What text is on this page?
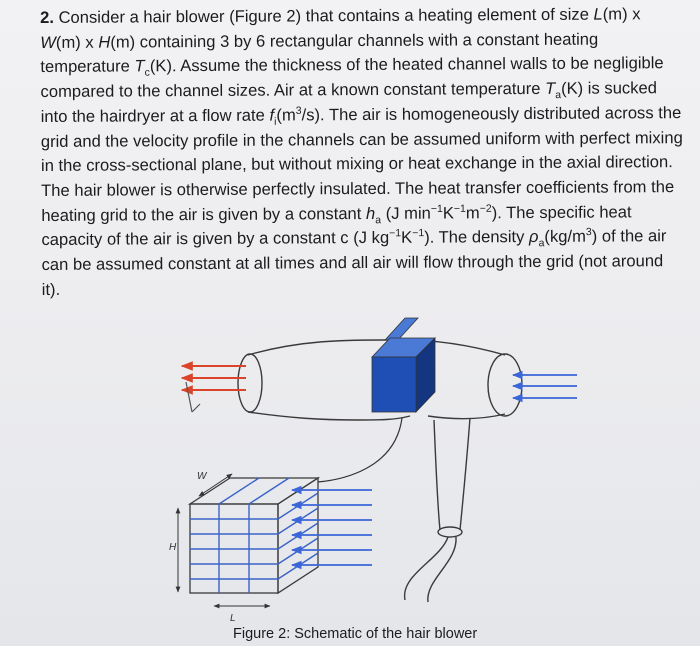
2. Consider a hair blower (Figure 2) that contains a heating element of size L(m) x W(m) x H(m) containing 3 by 6 rectangular channels with a constant heating temperature $T_c(K)$. Assume the thickness of the heated channel walls to be negligible compared to the channel sizes. Air at a known constant temperature $T_a(K)$ is sucked into the hairdryer at a flow rate $f_i(m^3/s)$. The air is homogeneously distributed across the grid and the velocity profile in the channels can be assumed uniform with perfect mixing in the cross-sectional plane, but without mixing or heat exchange in the axial direction. The hair blower is otherwise perfectly insulated. The heat transfer coefficients from the heating grid to the air is given by a constant $h_a$ (J $\min^{-1}K^{-1}m^{-2}$). The specific heat capacity of the air is given by a constant c (J $kg^{-1}K^{-1}$). The density $\rho_a(kg/m^3)$ of the air can be assumed constant at all times and all air will flow through the grid (not around it).
W
H
L
Figure 2: Schematic of the hair blower
